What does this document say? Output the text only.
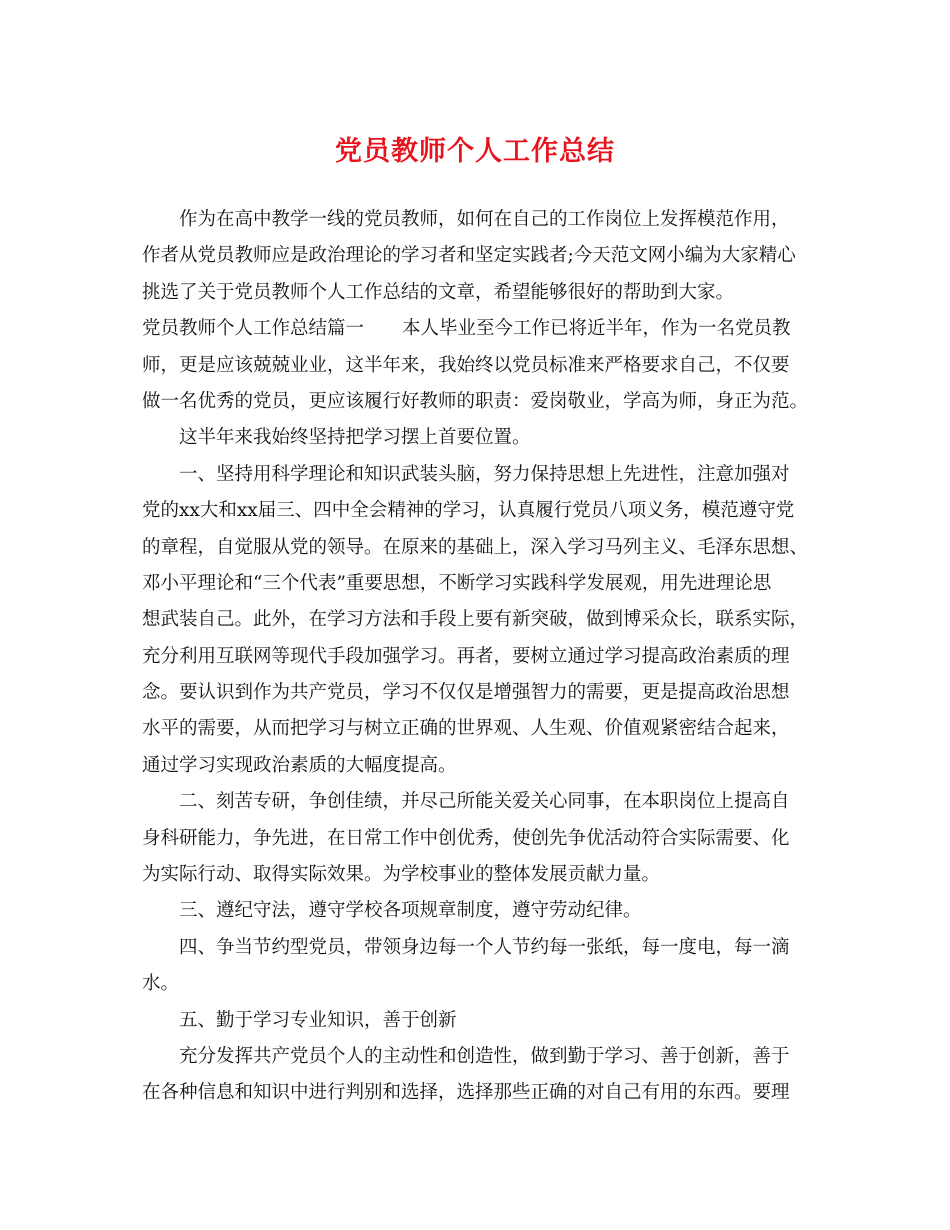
党员教师个人工作总结
作为在高中教学一线的党员教师，如何在自己的工作岗位上发挥模范作用，
作者从党员教师应是政治理论的学习者和坚定实践者;今天范文网小编为大家精心
挑选了关于党员教师个人工作总结的文章，希望能够很好的帮助到大家。
党员教师个人工作总结篇一 本人毕业至今工作已将近半年，作为一名党员教
师，更是应该兢兢业业，这半年来，我始终以党员标准来严格要求自己，不仅要
做一名优秀的党员，更应该履行好教师的职责：爱岗敬业，学高为师，身正为范。
这半年来我始终坚持把学习摆上首要位置。
一、坚持用科学理论和知识武装头脑，努力保持思想上先进性，注意加强对
党的xx大和xx届三、四中全会精神的学习，认真履行党员八项义务，模范遵守党
的章程，自觉服从党的领导。在原来的基础上，深入学习马列主义、毛泽东思想、
邓小平理论和“三个代表”重要思想，不断学习实践科学发展观，用先进理论思
想武装自己。此外，在学习方法和手段上要有新突破，做到博采众长，联系实际，
充分利用互联网等现代手段加强学习。再者，要树立通过学习提高政治素质的理
念。要认识到作为共产党员，学习不仅仅是增强智力的需要，更是提高政治思想
水平的需要，从而把学习与树立正确的世界观、人生观、价值观紧密结合起来，
通过学习实现政治素质的大幅度提高。
二、刻苦专研，争创佳绩，并尽己所能关爱关心同事，在本职岗位上提高自
身科研能力，争先进，在日常工作中创优秀，使创先争优活动符合实际需要、化
为实际行动、取得实际效果。为学校事业的整体发展贡献力量。
三、遵纪守法，遵守学校各项规章制度，遵守劳动纪律。
四、争当节约型党员，带领身边每一个人节约每一张纸，每一度电，每一滴
水。
五、勤于学习专业知识，善于创新
充分发挥共产党员个人的主动性和创造性，做到勤于学习、善于创新，善于
在各种信息和知识中进行判别和选择，选择那些正确的对自己有用的东西。要理
